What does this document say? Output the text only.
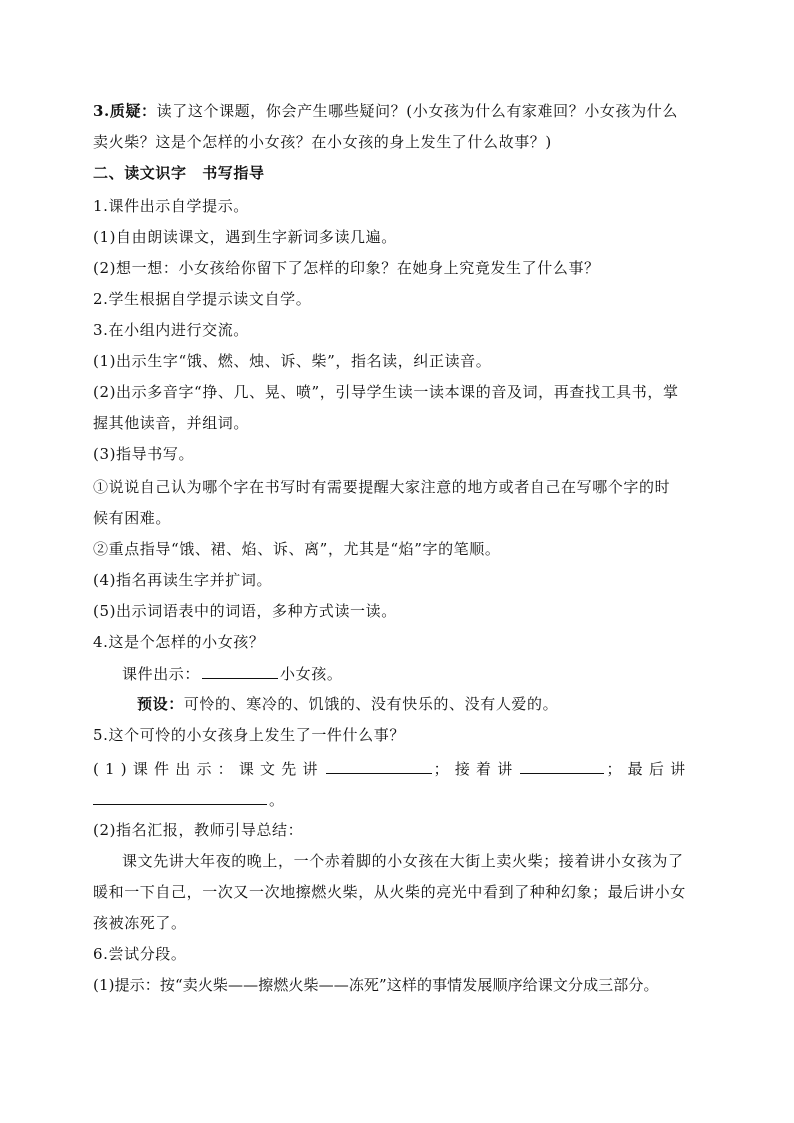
3.质疑：读了这个课题，你会产生哪些疑问？(小女孩为什么有家难回？小女孩为什么
卖火柴？这是个怎样的小女孩？在小女孩的身上发生了什么故事？)
二、读文识字　书写指导
1.课件出示自学提示。
(1)自由朗读课文，遇到生字新词多读几遍。
(2)想一想：小女孩给你留下了怎样的印象？在她身上究竟发生了什么事？
2.学生根据自学提示读文自学。
3.在小组内进行交流。
(1)出示生字“饿、燃、烛、诉、柴”，指名读，纠正读音。
(2)出示多音字“挣、几、晃、喷”，引导学生读一读本课的音及词，再查找工具书，掌
握其他读音，并组词。
(3)指导书写。
①说说自己认为哪个字在书写时有需要提醒大家注意的地方或者自己在写哪个字的时
候有困难。
②重点指导“饿、裙、焰、诉、离”，尤其是“焰”字的笔顺。
(4)指名再读生字并扩词。
(5)出示词语表中的词语，多种方式读一读。
4.这是个怎样的小女孩？
课件出示：	小女孩。
预设：可怜的、寒冷的、饥饿的、没有快乐的、没有人爱的。
5.这个可怜的小女孩身上发生了一件什么事？
(1)课件出示：课文先讲	；接着讲	；最后讲
。
(2)指名汇报，教师引导总结：
课文先讲大年夜的晚上，一个赤着脚的小女孩在大街上卖火柴；接着讲小女孩为了
暖和一下自己，一次又一次地擦燃火柴，从火柴的亮光中看到了种种幻象；最后讲小女
孩被冻死了。
6.尝试分段。
(1)提示：按“卖火柴——擦燃火柴——冻死”这样的事情发展顺序给课文分成三部分。
